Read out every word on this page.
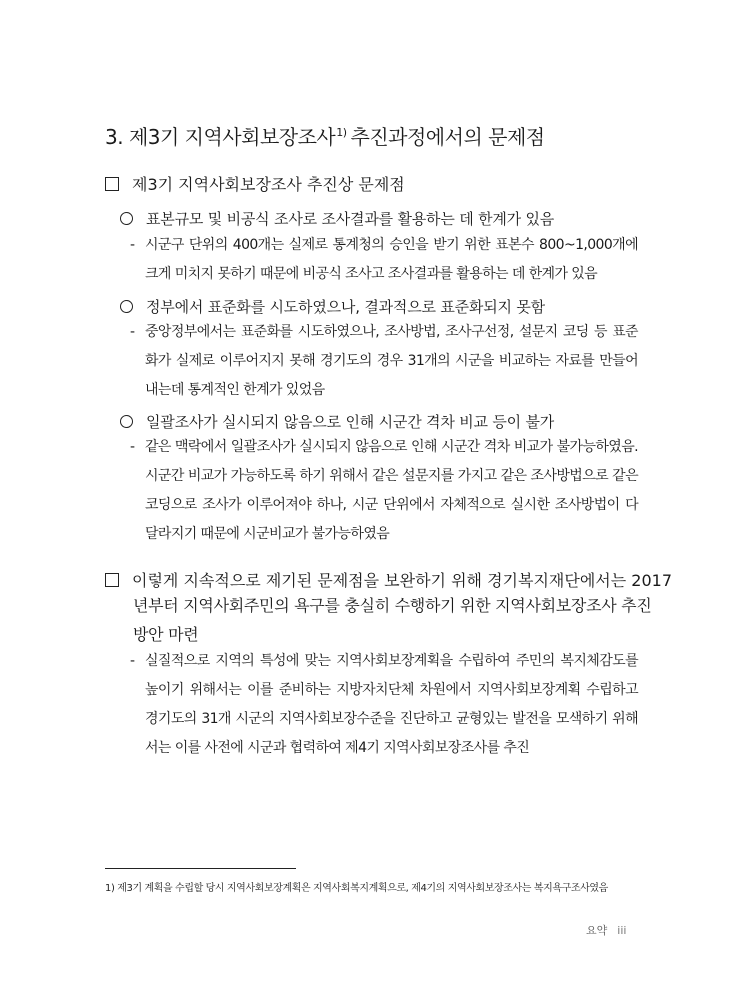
3. 제3기 지역사회보장조사$^{1)}$ 추진과정에서의 문제점
제3기 지역사회보장조사 추진상 문제점
표본규모 및 비공식 조사로 조사결과를 활용하는 데 한계가 있음
- 시군구 단위의 400개는 실제로 통계청의 승인을 받기 위한 표본수 800~1,000개에 크게 미치지 못하기 때문에 비공식 조사고 조사결과를 활용하는 데 한계가 있음
정부에서 표준화를 시도하였으나, 결과적으로 표준화되지 못함
- 중앙정부에서는 표준화를 시도하였으나, 조사방법, 조사구선정, 설문지 코딩 등 표준화가 실제로 이루어지지 못해 경기도의 경우 31개의 시군을 비교하는 자료를 만들어 내는데 통계적인 한계가 있었음
일괄조사가 실시되지 않음으로 인해 시군간 격차 비교 등이 불가
- 같은 맥락에서 일괄조사가 실시되지 않음으로 인해 시군간 격차 비교가 불가능하였음. 시군간 비교가 가능하도록 하기 위해서 같은 설문지를 가지고 같은 조사방법으로 같은 코딩으로 조사가 이루어져야 하나, 시군 단위에서 자체적으로 실시한 조사방법이 다 달라지기 때문에 시군비교가 불가능하였음
이렇게 지속적으로 제기된 문제점을 보완하기 위해 경기복지재단에서는 2017
년부터 지역사회주민의 욕구를 충실히 수행하기 위한 지역사회보장조사 추진
방안 마련
- 실질적으로 지역의 특성에 맞는 지역사회보장계획을 수립하여 주민의 복지체감도를 높이기 위해서는 이를 준비하는 지방자치단체 차원에서 지역사회보장계획 수립하고 경기도의 31개 시군의 지역사회보장수준을 진단하고 균형있는 발전을 모색하기 위해서는 이를 사전에 시군과 협력하여 제4기 지역사회보장조사를 추진
1) 제3기 계획을 수립할 당시 지역사회보장계획은 지역사회복지계획으로, 제4기의 지역사회보장조사는 복지욕구조사였음
요약 iii
